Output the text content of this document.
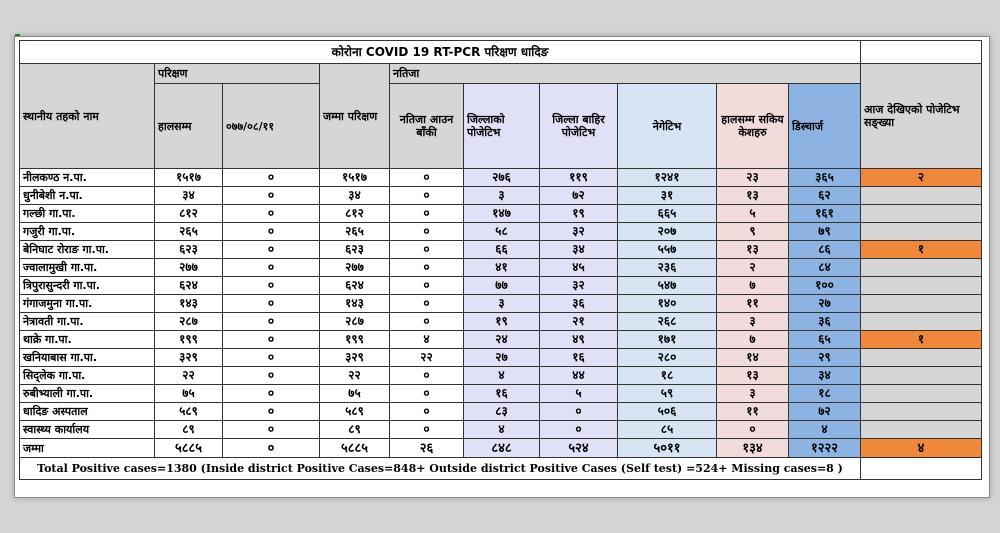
कोरोना COVID 19 RT-PCR परिक्षण धादिङ										
स्थानीय तहको नाम	परिक्षण		जम्मा परिक्षण	नतिजा						आज देखिएको पोजेटिभ सङ्ख्या
	हालसम्म	०७७/०८/११		नतिजा आउन बाँकी	जिल्लाको पोजेटिभ	जिल्ला बाहिर पोजेटिभ	नेगेटिभ	हालसम्म सकिय केशहरु	डिस्चार्ज	
नीलकण्ठ न.पा.	१५१७	०	१५१७	०	२७६	११९	१२४१	२३	३६५	२
धुनीबेशी न.पा.	३४	०	३४	०	३	७२	३१	१३	६२	
गल्छी गा.पा.	८१२	०	८१२	०	१४७	१९	६६५	५	१६१	
गजुरी गा.पा.	२६५	०	२६५	०	५८	३२	२०७	९	७९	
बेनिघाट रोराङ गा.पा.	६२३	०	६२३	०	६६	३४	५५७	१३	८६	१
ज्वालामुखी गा.पा.	२७७	०	२७७	०	४१	४५	२३६	२	८४	
त्रिपुरासुन्दरी गा.पा.	६२४	०	६२४	०	७७	३२	५४७	७	१००	
गंगाजमुना गा.पा.	१४३	०	१४३	०	३	३६	१४०	११	२७	
नेत्रावती गा.पा.	२८७	०	२८७	०	१९	२१	२६८	३	३६	
थाक्रे गा.पा.	१९९	०	१९९	४	२४	४९	१७१	७	६५	१
खनियाबास गा.पा.	३२९	०	३२९	२२	२७	१६	२८०	१४	२९	
सिद्लेक गा.पा.	२२	०	२२	०	४	४४	१८	१३	३४	
रुबीभ्याली गा.पा.	७५	०	७५	०	१६	५	५९	३	१८	
धादिङ अस्पताल	५८९	०	५८९	०	८३	०	५०६	११	७२	
स्वास्थ्य कार्यालय	८९	०	८९	०	४	०	८५	०	४	
जम्मा	५८८५	०	५८८५	२६	८४८	५२४	५०११	१३४	१२२२	४
Total Positive cases=1380 (Inside district Positive Cases=848+ Outside district Positive Cases (Self test) =524+ Missing cases=8 )										
